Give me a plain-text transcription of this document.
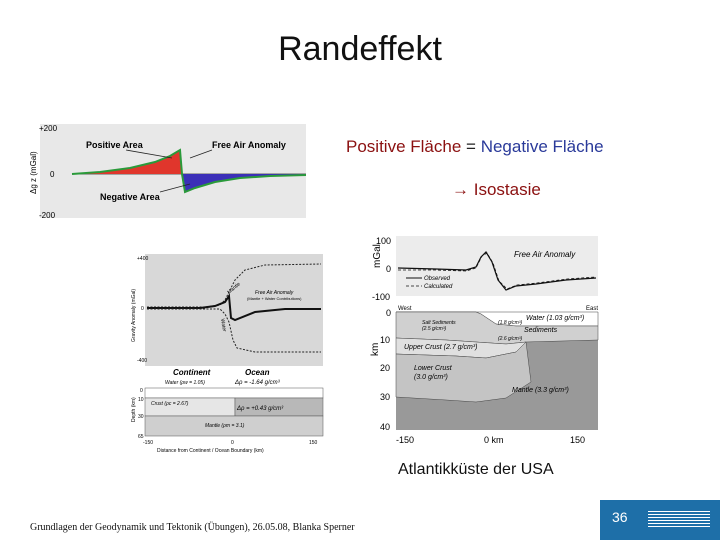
Randeffekt
Positive Fläche = Negative Fläche
→ Isostasie
Δg z (mGal)
+200
0
-200
Positive Area	Free Air Anomaly
Negative Area
Gravity Anomaly (mGal)
+400
0
-400
Mantle
Water
Free Air Anomaly
(Mantle + Water Contributions)
Continent	Ocean
Water (ρw = 1.05)	Δρ = -1.64 g/cm³
Crust (ρc = 2.67)
Δρ = +0.43 g/cm³
Mantle (ρm = 3.1)
Depth (km)
0
10
30
65
-150	0	150
Distance from Continent / Ocean Boundary (km)
mGal
100
0
-100
Free Air Anomaly
Observed
Calculated
West	East
Salt Sediments
(2.5 g/cm³)
(1.8 g/cm³)
Water (1.03 g/cm³)
Sediments
(2.6 g/cm³)
Upper Crust (2.7 g/cm³)
Lower Crust
(3.0 g/cm³)
Mantle (3.3 g/cm³)
km
0
10
20
30
40
-150	0 km	150
Atlantikküste der USA
Grundlagen der Geodynamik und Tektonik (Übungen), 26.05.08, Blanka Sperner
36
